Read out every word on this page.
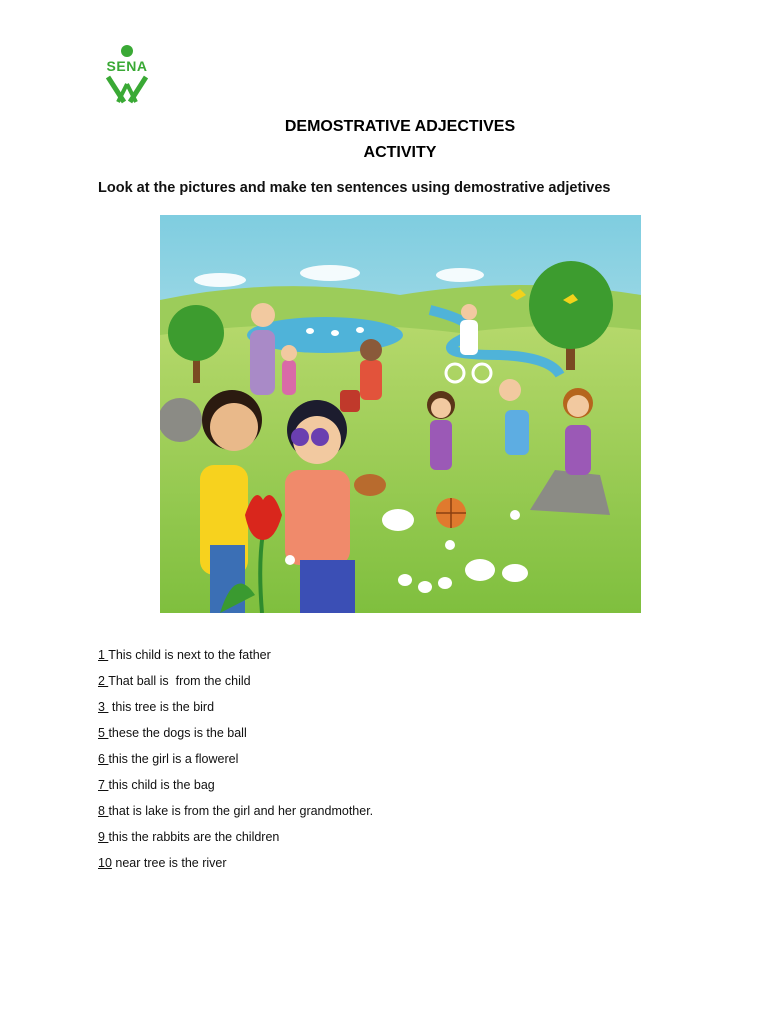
SENA
DEMOSTRATIVE ADJECTIVES
ACTIVITY
Look at the pictures and make ten sentences using demostrative adjetives
1 This child is next to the father
2 That ball is  from the child
3  this tree is the bird
5 these the dogs is the ball
6 this the girl is a flowerel
7 this child is the bag
8 that is lake is from the girl and her grandmother.
9 this the rabbits are the children
10 near tree is the river
